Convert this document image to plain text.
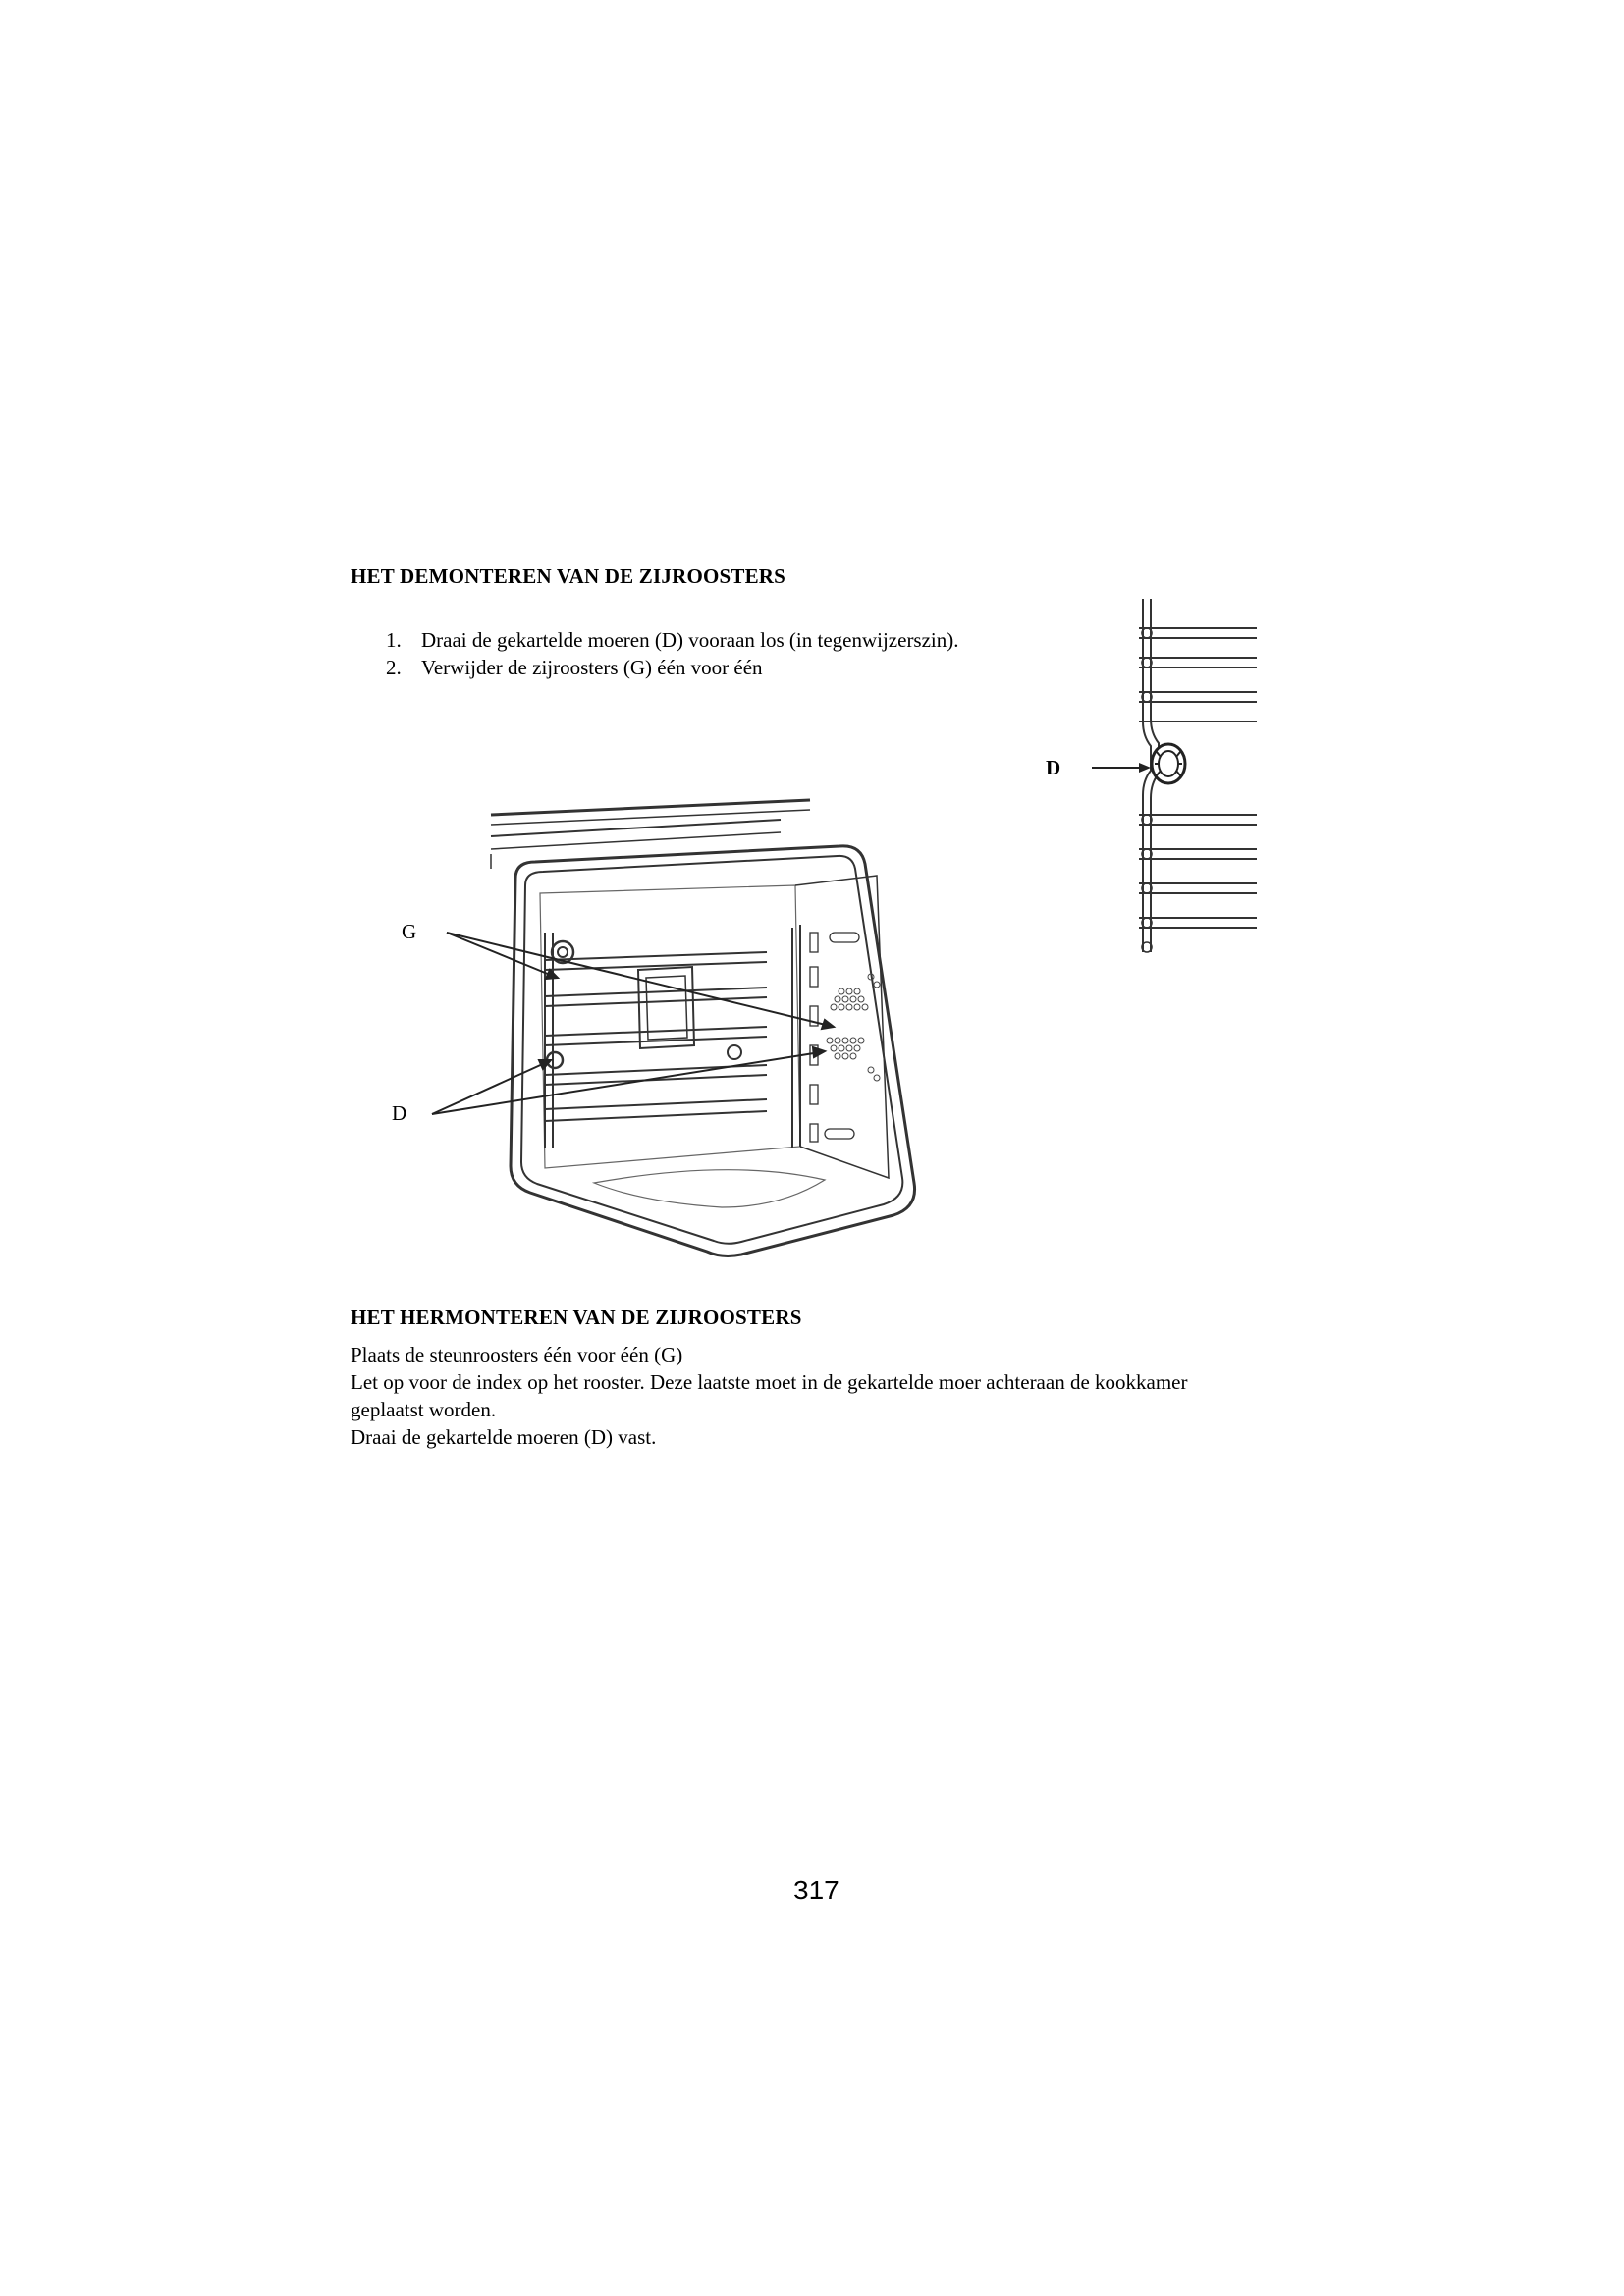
HET DEMONTEREN VAN DE ZIJROOSTERS
1. Draai de gekartelde moeren (D) vooraan los (in tegenwijzerszin).
2. Verwijder de zijroosters (G) één voor één
D
G
D
HET HERMONTEREN VAN DE ZIJROOSTERS

Plaats de steunroosters één voor één (G)

Let op voor de index op het rooster. Deze laatste moet in de gekartelde moer achteraan de kookkamer geplaatst worden.

Draai de gekartelde moeren (D) vast.

317
